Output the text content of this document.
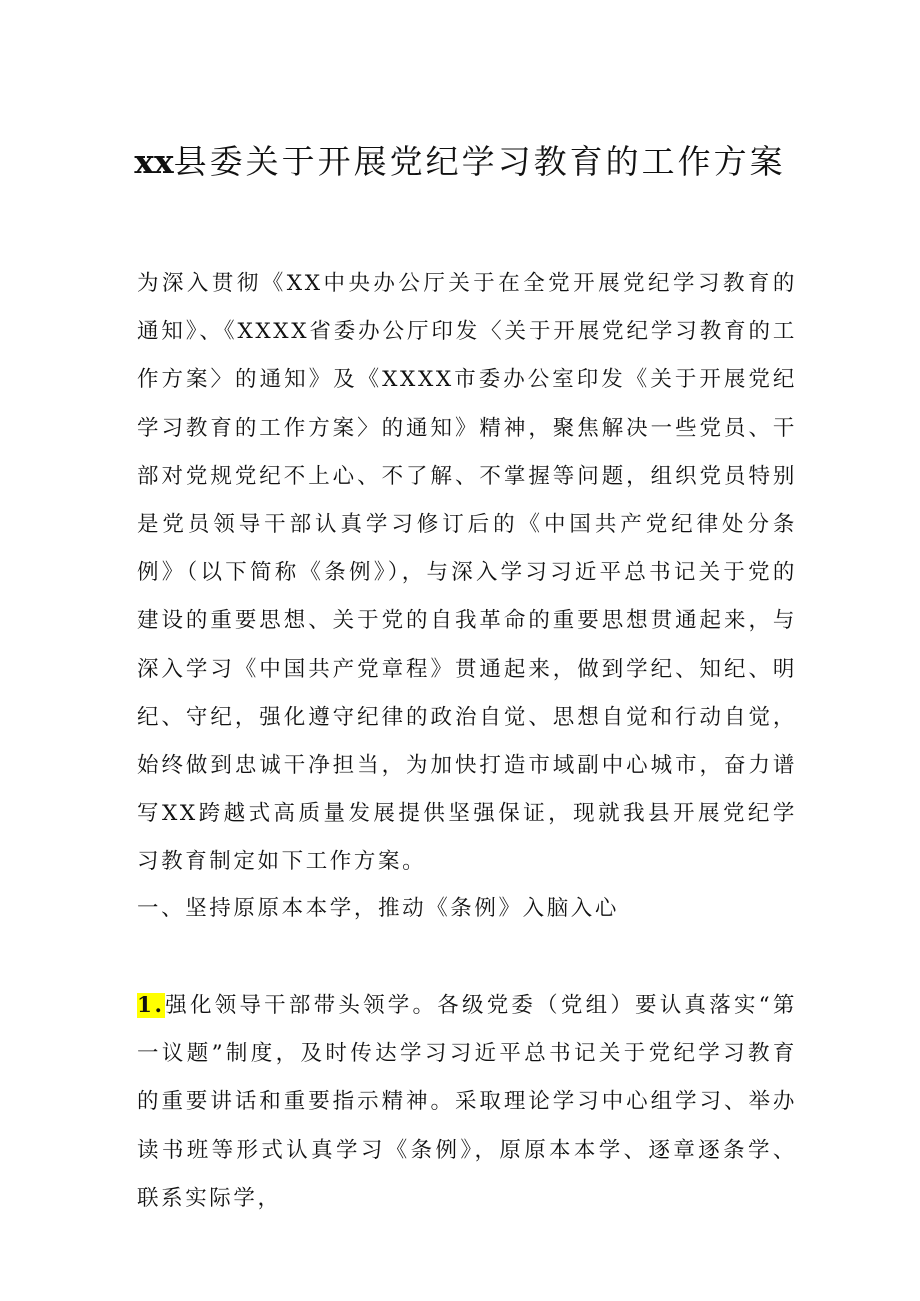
xx县委关于开展党纪学习教育的工作方案

为深入贯彻《XX中央办公厅关于在全党开展党纪学习教育的通知》、《XXXX省委办公厅印发〈关于开展党纪学习教育的工作方案〉的通知》及《XXXX市委办公室印发《关于开展党纪学习教育的工作方案〉的通知》精神，聚焦解决一些党员、干部对党规党纪不上心、不了解、不掌握等问题，组织党员特别是党员领导干部认真学习修订后的《中国共产党纪律处分条例》（以下简称《条例》），与深入学习习近平总书记关于党的建设的重要思想、关于党的自我革命的重要思想贯通起来，与深入学习《中国共产党章程》贯通起来，做到学纪、知纪、明纪、守纪，强化遵守纪律的政治自觉、思想自觉和行动自觉，始终做到忠诚干净担当，为加快打造市域副中心城市，奋力谱写XX跨越式高质量发展提供坚强保证，现就我县开展党纪学习教育制定如下工作方案。

一、坚持原原本本学，推动《条例》入脑入心

1.强化领导干部带头领学。各级党委（党组）要认真落实“第一议题”制度，及时传达学习习近平总书记关于党纪学习教育的重要讲话和重要指示精神。采取理论学习中心组学习、举办读书班等形式认真学习《条例》，原原本本学、逐章逐条学、联系实际学，
